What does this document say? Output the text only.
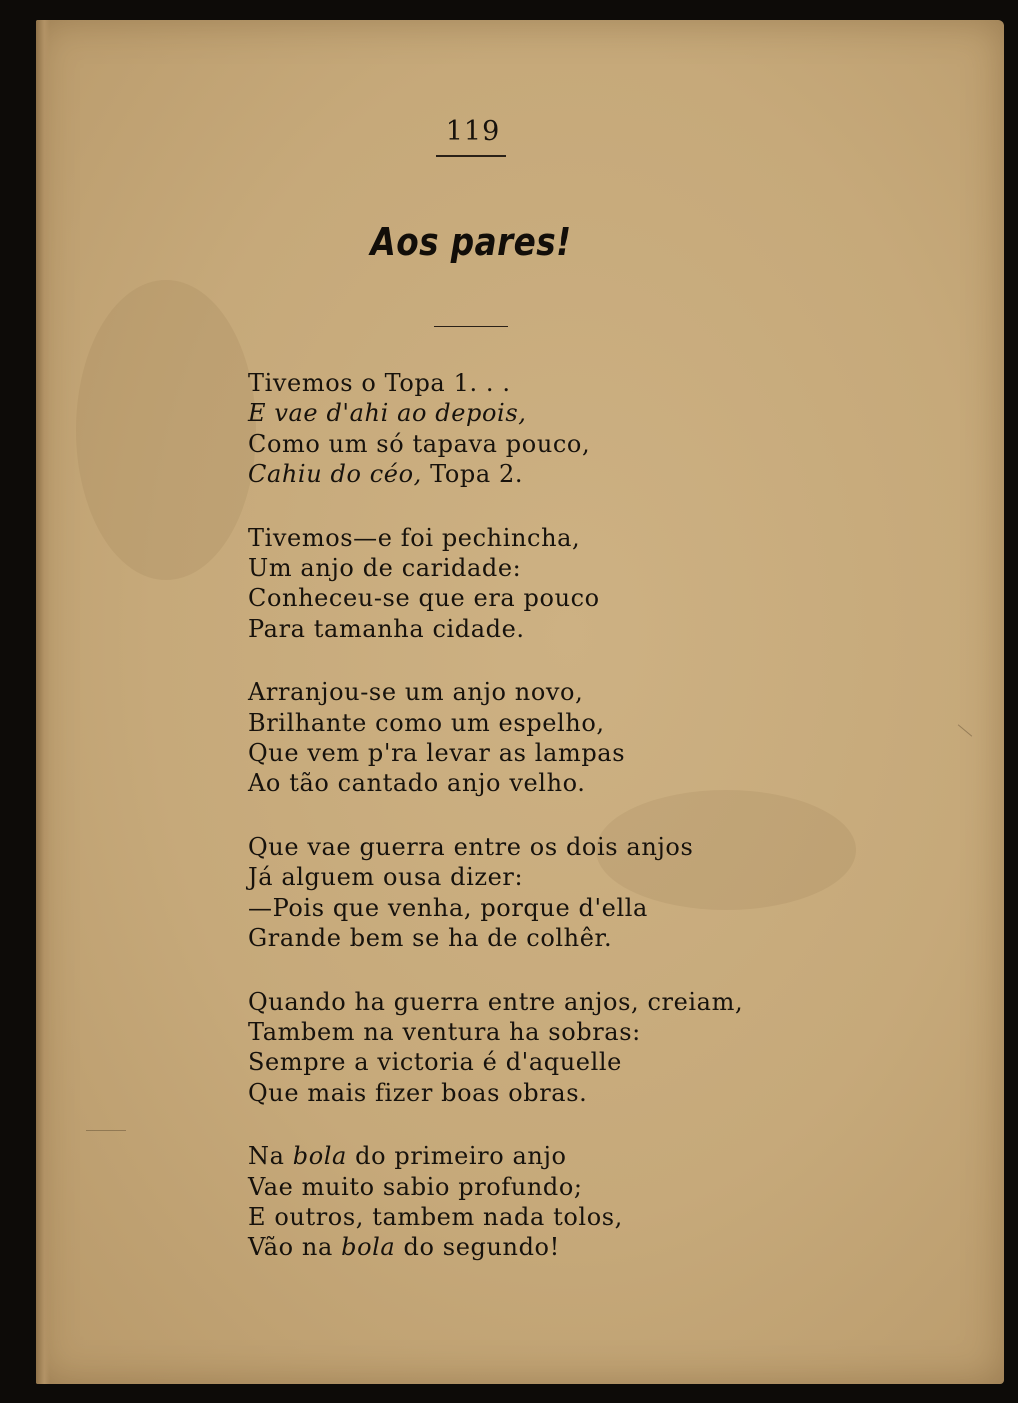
119
Aos pares!
Tivemos o Topa 1. . .
E vae d'ahi ao depois,
Como um só tapava pouco,
Cahiu do céo, Topa 2.
Tivemos—e foi pechincha,
Um anjo de caridade:
Conheceu-se que era pouco
Para tamanha cidade.
Arranjou-se um anjo novo,
Brilhante como um espelho,
Que vem p'ra levar as lampas
Ao tão cantado anjo velho.
Que vae guerra entre os dois anjos
Já alguem ousa dizer:
—Pois que venha, porque d'ella
Grande bem se ha de colhêr.
Quando ha guerra entre anjos, creiam,
Tambem na ventura ha sobras:
Sempre a victoria é d'aquelle
Que mais fizer boas obras.
Na bola do primeiro anjo
Vae muito sabio profundo;
E outros, tambem nada tolos,
Vão na bola do segundo!
